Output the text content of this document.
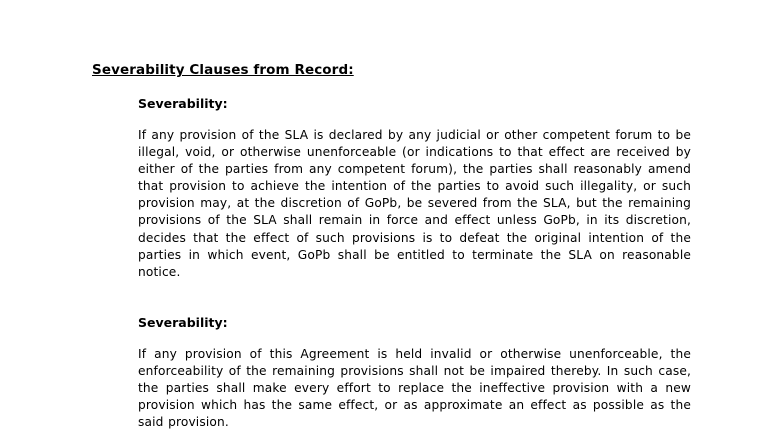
Severability Clauses from Record:
Severability:

If any provision of the SLA is declared by any judicial or other competent forum to be illegal, void, or otherwise unenforceable (or indications to that effect are received by either of the parties from any competent forum), the parties shall reasonably amend that provision to achieve the intention of the parties to avoid such illegality, or such provision may, at the discretion of GoPb, be severed from the SLA, but the remaining provisions of the SLA shall remain in force and effect unless GoPb, in its discretion, decides that the effect of such provisions is to defeat the original intention of the parties in which event, GoPb shall be entitled to terminate the SLA on reasonable notice.

Severability:

If any provision of this Agreement is held invalid or otherwise unenforceable, the enforceability of the remaining provisions shall not be impaired thereby. In such case, the parties shall make every effort to replace the ineffective provision with a new provision which has the same effect, or as approximate an effect as possible as the said provision.
